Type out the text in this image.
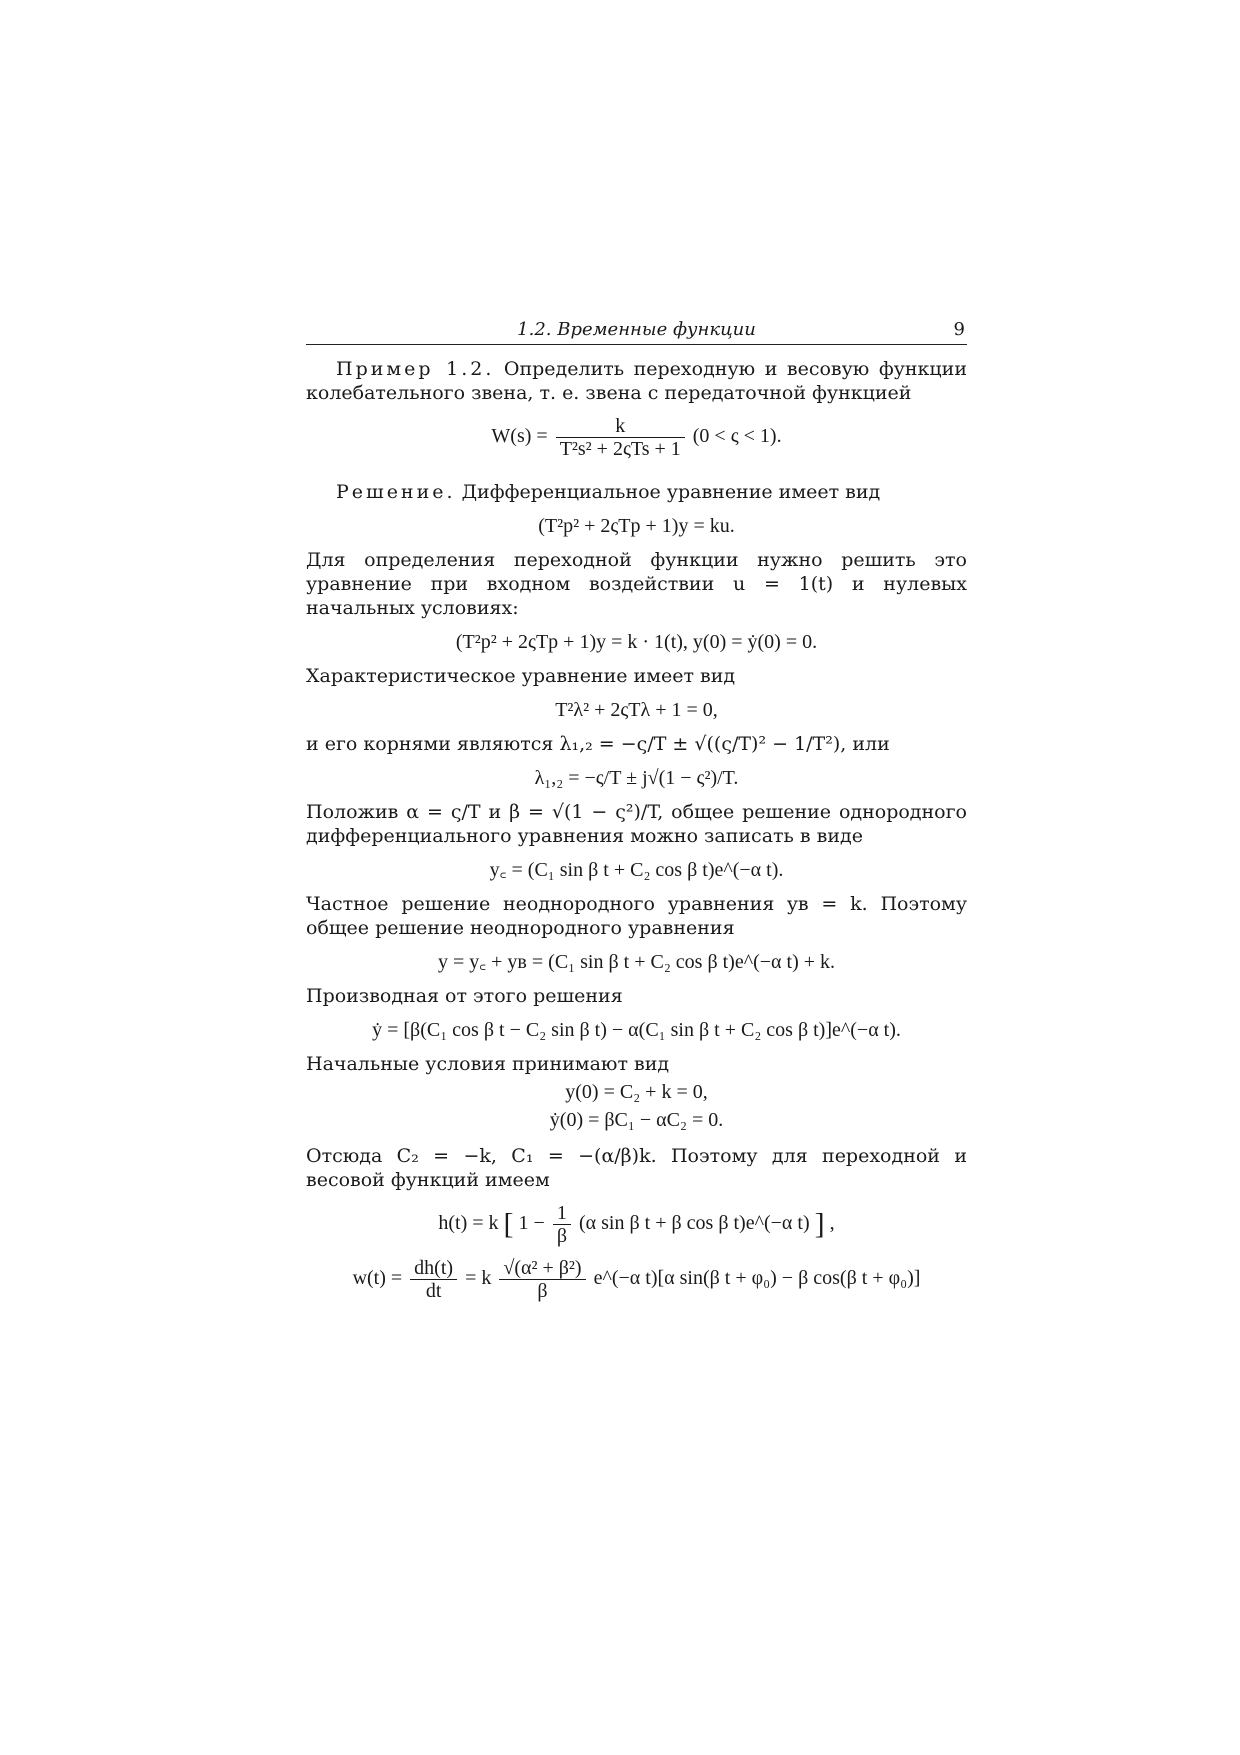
1.2. Временные функции	9

Пример 1.2. Определить переходную и весовую функции колебательного звена, т. е. звена с передаточной функцией

$W(s) = \frac{k}{\text{T²s² + 2ςTs + 1}} (0 < \varsigma < 1)$.

Решение. Дифференциальное уравнение имеет вид

(T²p² + 2ςTp + 1)y = ku.

Для определения переходной функции нужно решить это уравнение при входном воздействии u = 1(t) и нулевых начальных условиях:

(T²p² + 2ςTp + 1)y = k · 1(t), y(0) = ẏ(0) = 0.

Характеристическое уравнение имеет вид

T²λ² + 2ςTλ + 1 = 0,

и его корнями являются λ₁,₂ = −ς/T ± √((ς/T)² − 1/T²), или

λ₁,₂ = −ς/T ± j√(1 − ς²)/T.

Положив α = ς/T и β = √(1 − ς²)/T, общее решение однородного дифференциального уравнения можно записать в виде

y꜀ = (C₁ sin β t + C₂ cos β t)e^(−α t).

Частное решение неоднородного уравнения yв = k. Поэтому общее решение неоднородного уравнения

y = y꜀ + yв = (C₁ sin β t + C₂ cos β t)e^(−α t) + k.

Производная от этого решения

ẏ = [β(C₁ cos β t − C₂ sin β t) − α(C₁ sin β t + C₂ cos β t)]e^(−α t).

Начальные условия принимают вид

y(0) = C₂ + k = 0,
ẏ(0) = βC₁ − αC₂ = 0.

Отсюда C₂ = −k, C₁ = −(α/β)k. Поэтому для переходной и весовой функций имеем

h(t) = k [ $1 - \frac{1}{\beta} (\alpha$ sin β t + β cos β t)e^(−α t) ] ,
$w(t) = \frac{dh(t)}{dt} = k \frac{\text{√(α² + β²)}}{\beta}$ e^(−α t)[α sin(β t + φ₀) − β cos(β t + φ₀)]
